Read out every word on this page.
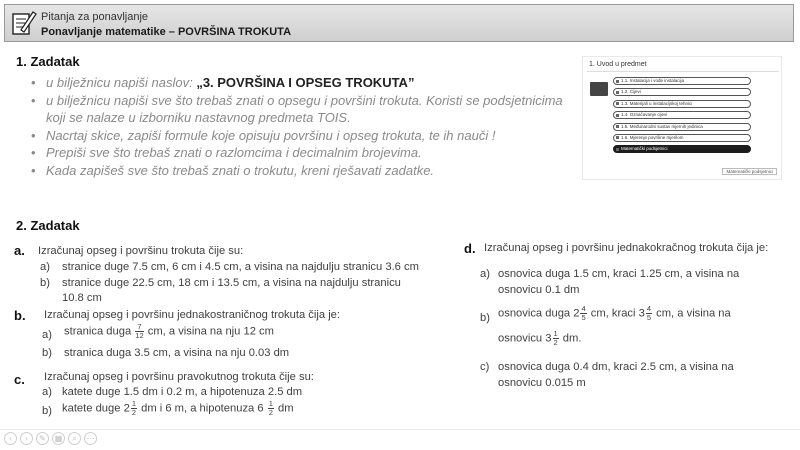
Pitanja za ponavljanje
Ponavljanje matematike – POVRŠINA TROKUTA
1. Zadatak
• u bilježnicu napiši naslov: „3. POVRŠINA I OPSEG TROKUTA”
• u bilježnicu napiši sve što trebaš znati o opsegu i površini trokuta. Koristi se podsjetnicima koji se nalaze u izborniku nastavnog predmeta TOIS.
• Nacrtaj skice, zapiši formule koje opisuju površinu i opseg trokuta, te ih nauči !
• Prepiši sve što trebaš znati o razlomcima i decimalnim brojevima.
• Kada zapišeš sve što trebaš znati o trokutu, kreni rješavati zadatke.
1. Uvod u predmet
1.1. Instalacija i vođe instalacija
1.2. Cijevi
1.3. Materijali u instalacijskoj tehnici
1.4. Označavanje cijevi
1.5. Međunarodni sustav mjernih jedinica
1.6. Mjerenje površine mjerilom
Matematički podsjetnici
Matematički podsjetnici
2. Zadatak
a. Izračunaj opseg i površinu trokuta čije su:
a) stranice duge 7.5 cm, 6 cm i 4.5 cm, a visina na najdulju stranicu 3.6 cm
b) stranice duge 22.5 cm, 18 cm i 13.5 cm, a visina na najdulju stranicu
10.8 cm
b. Izračunaj opseg i površinu jednakostraničnog trokuta čija je:
a) stranica duga $\frac{7}{12}$ cm, a visina na nju 12 cm
b) stranica duga 3.5 cm, a visina na nju 0.03 dm
c. Izračunaj opseg i površinu pravokutnog trokuta čije su:
a) katete duge 1.5 dm i 0.2 m, a hipotenuza 2.5 dm
b) katete duge $2 \frac{1}{2}$ dm i 6 m, a hipotenuza $6 \frac{1}{2}$ dm
d. Izračunaj opseg i površinu jednakokračnog trokuta čija je:
a) osnovica duga 1.5 cm, kraci 1.25 cm, a visina na
osnovicu 0.1 dm
b) osnovica duga $2 \frac{4}{5}$ cm, kraci $3 \frac{4}{5}$ cm, a visina na
osnovicu $3 \frac{1}{2}$ dm.
c) osnovica duga 0.4 dm, kraci 2.5 cm, a visina na
osnovicu 0.015 m
‹	›	✎	▦	⌕	⋯
